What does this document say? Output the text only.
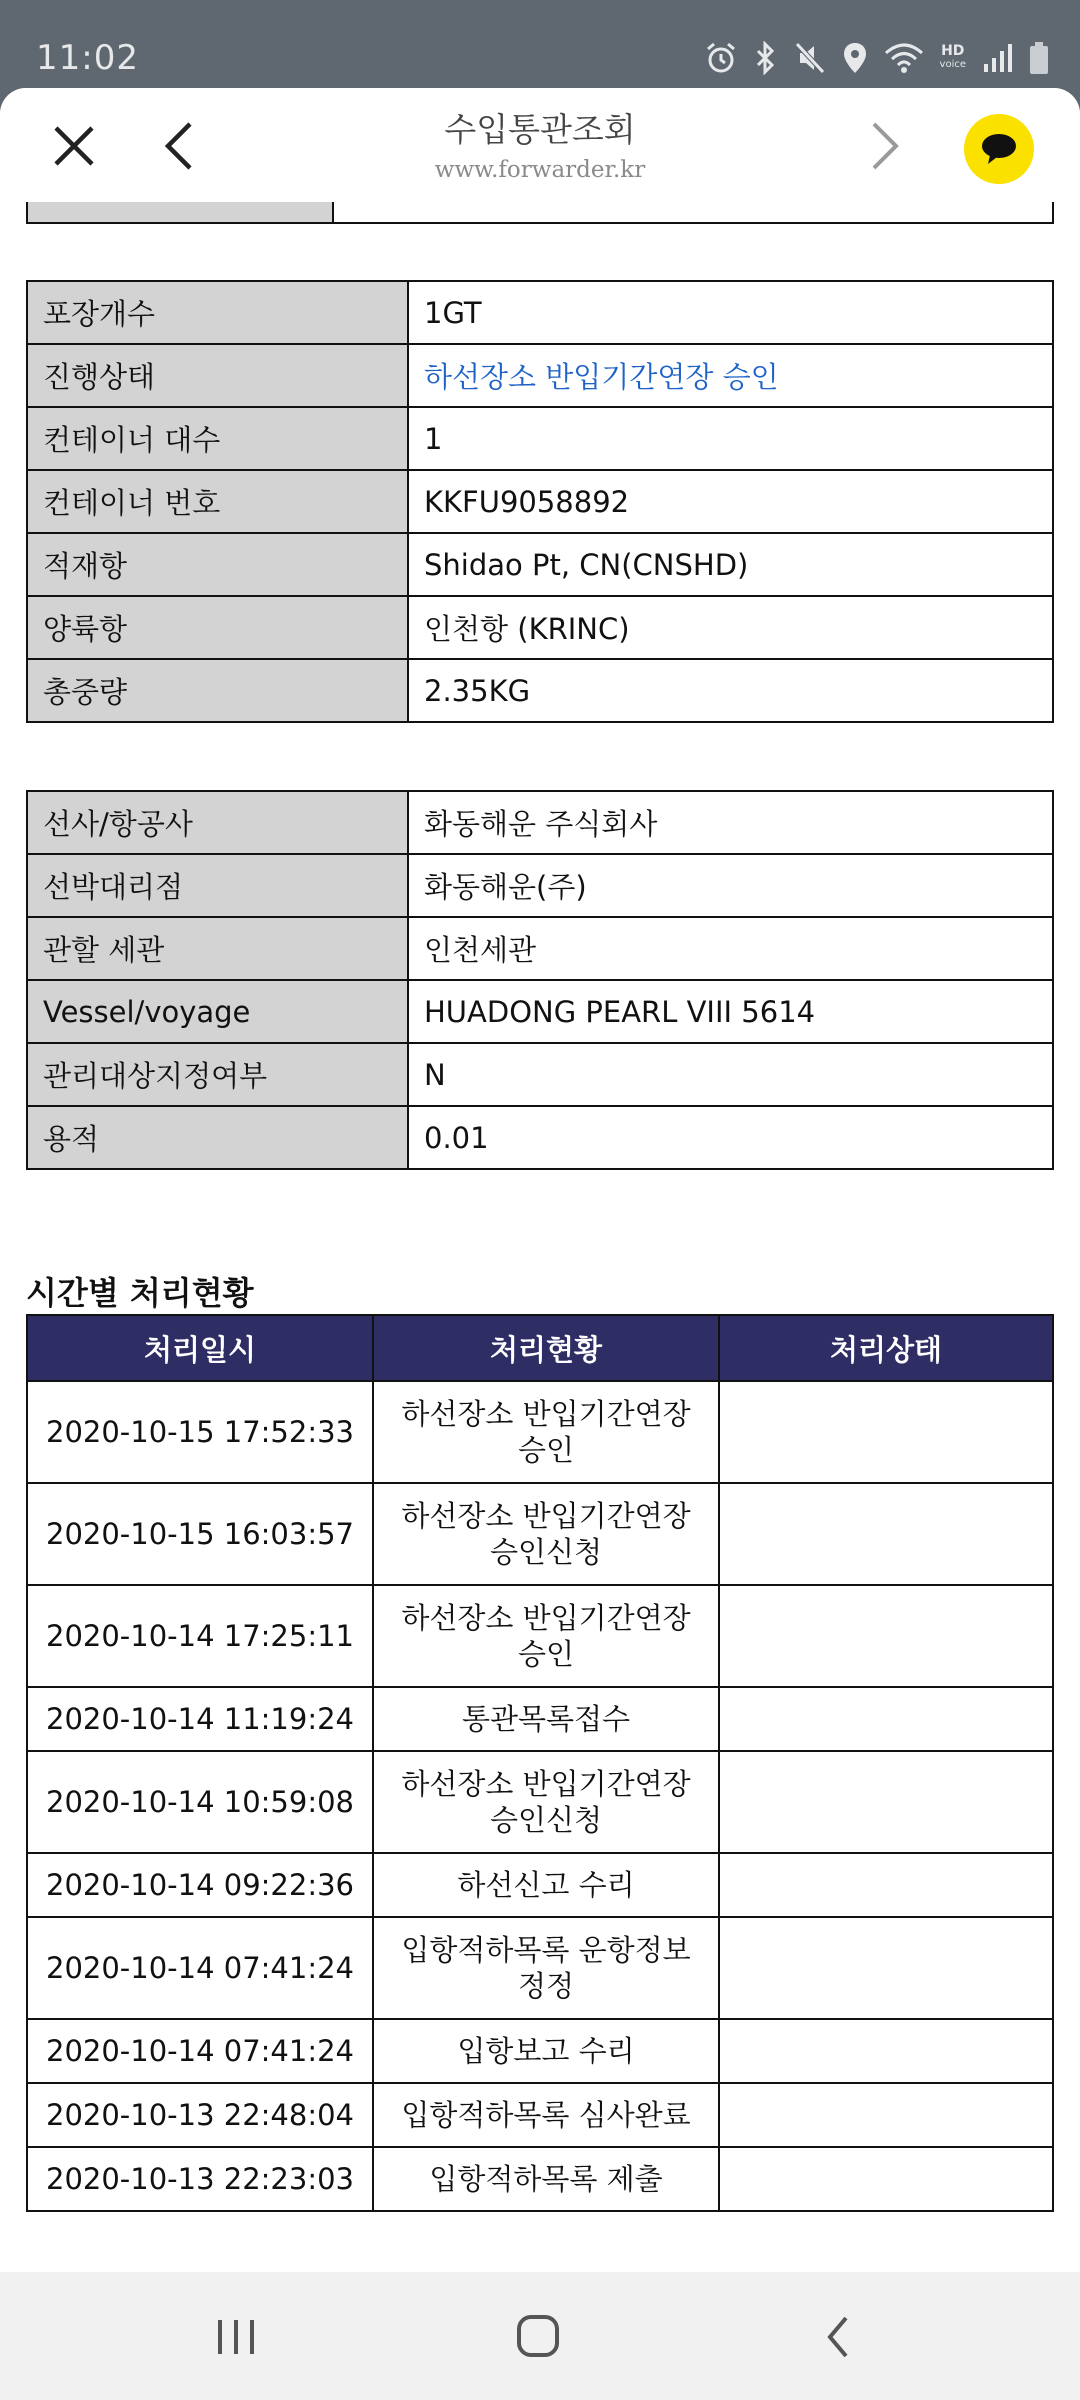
11:02	HD
voice
포장개수	1GT
진행상태	하선장소 반입기간연장 승인
컨테이너 대수	1
컨테이너 번호	KKFU9058892
적재항	Shidao Pt, CN(CNSHD)
양륙항	인천항 (KRINC)
총중량	2.35KG
선사/항공사	화동해운 주식회사
선박대리점	화동해운(주)
관할 세관	인천세관
Vessel/voyage	HUADONG PEARL VIII 5614
관리대상지정여부	N
용적	0.01
시간별 처리현황
처리일시	처리현황	처리상태
2020-10-15 17:52:33	하선장소 반입기간연장
승인	

2020-10-15 16:03:57	하선장소 반입기간연장
승인신청	

2020-10-14 17:25:11	하선장소 반입기간연장
승인	

2020-10-14 11:19:24	통관목록접수	

2020-10-14 10:59:08	하선장소 반입기간연장
승인신청	

2020-10-14 09:22:36	하선신고 수리	

2020-10-14 07:41:24	입항적하목록 운항정보
정정	

2020-10-14 07:41:24	입항보고 수리	

2020-10-13 22:48:04	입항적하목록 심사완료	

2020-10-13 22:23:03	입항적하목록 제출	

수입통관조회
www.forwarder.kr
